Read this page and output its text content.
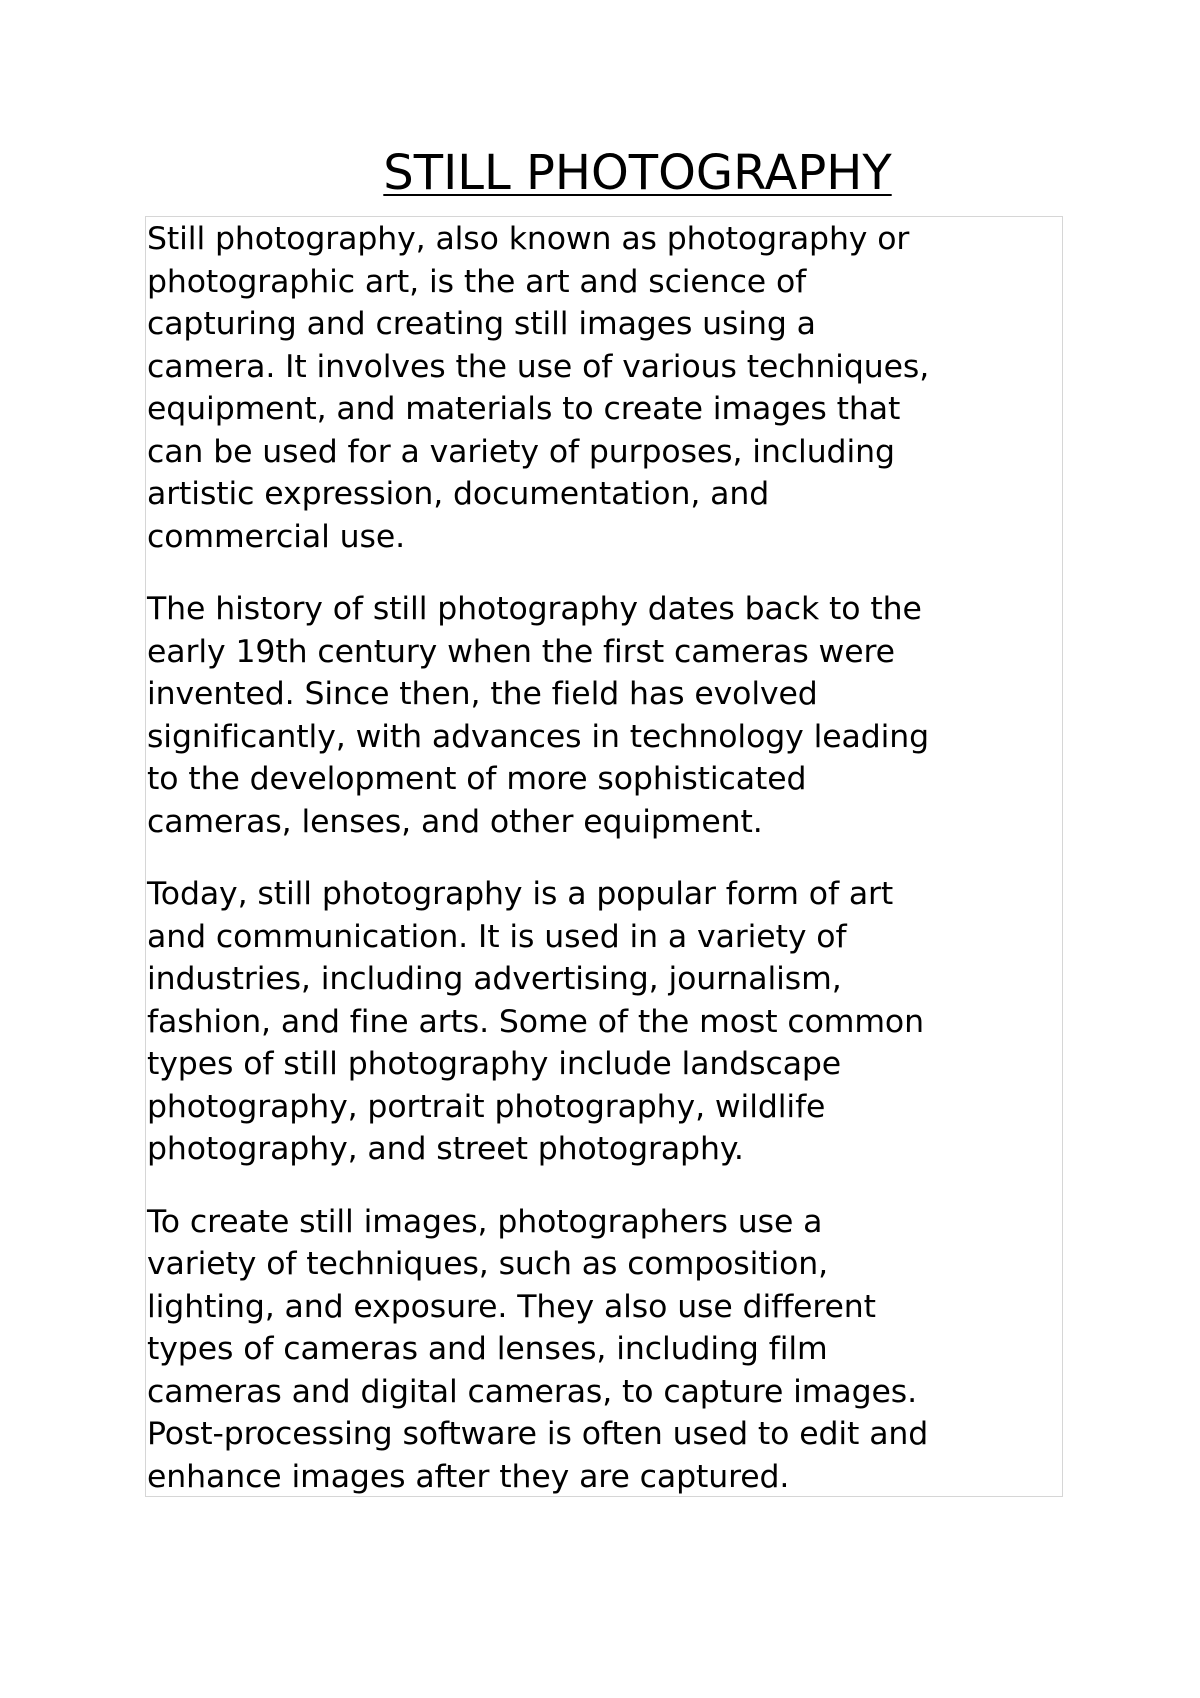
STILL PHOTOGRAPHY

Still photography, also known as photography or
photographic art, is the art and science of
capturing and creating still images using a
camera. It involves the use of various techniques,
equipment, and materials to create images that
can be used for a variety of purposes, including
artistic expression, documentation, and
commercial use.

The history of still photography dates back to the
early 19th century when the first cameras were
invented. Since then, the field has evolved
significantly, with advances in technology leading
to the development of more sophisticated
cameras, lenses, and other equipment.

Today, still photography is a popular form of art
and communication. It is used in a variety of
industries, including advertising, journalism,
fashion, and fine arts. Some of the most common
types of still photography include landscape
photography, portrait photography, wildlife
photography, and street photography.

To create still images, photographers use a
variety of techniques, such as composition,
lighting, and exposure. They also use different
types of cameras and lenses, including film
cameras and digital cameras, to capture images.
Post-processing software is often used to edit and
enhance images after they are captured.
